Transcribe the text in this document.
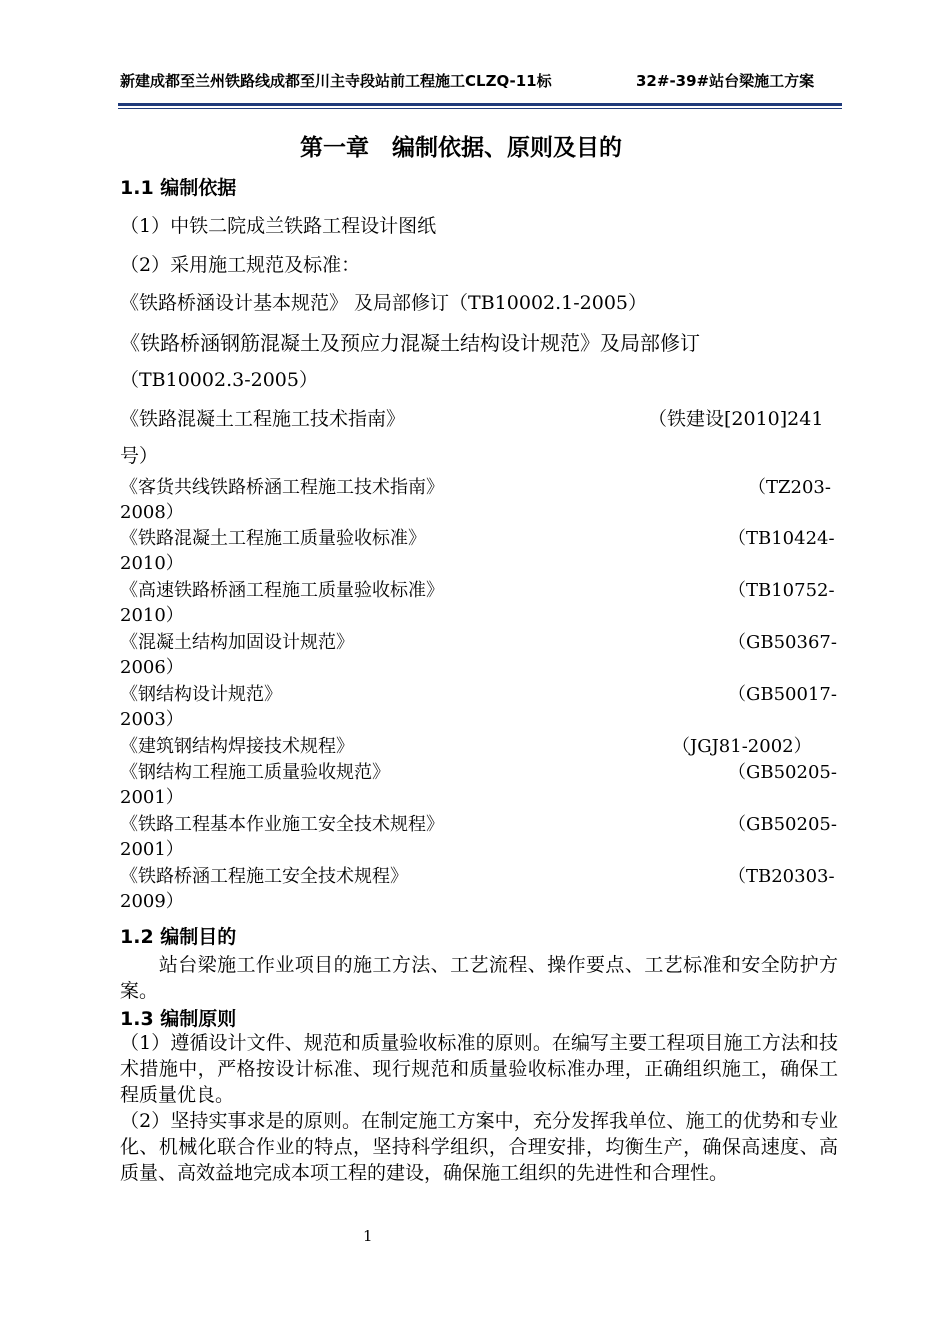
新建成都至兰州铁路线成都至川主寺段站前工程施工CLZQ-11标	32#-39#站台梁施工方案
第一章　编制依据、原则及目的
1.1 编制依据
（1）中铁二院成兰铁路工程设计图纸
（2）采用施工规范及标准：
《铁路桥涵设计基本规范》 及局部修订（TB10002.1-2005）
《铁路桥涵钢筋混凝土及预应力混凝土结构设计规范》及局部修订
（TB10002.3-2005）
《铁路混凝土工程施工技术指南》	（铁建设[2010]241
号）
《客货共线铁路桥涵工程施工技术指南》	（TZ203-
2008）
《铁路混凝土工程施工质量验收标准》	（TB10424-
2010）
《高速铁路桥涵工程施工质量验收标准》	（TB10752-
2010）
《混凝土结构加固设计规范》	（GB50367-
2006）
《钢结构设计规范》	（GB50017-
2003）
《建筑钢结构焊接技术规程》	（JGJ81-2002）
《钢结构工程施工质量验收规范》	（GB50205-
2001）
《铁路工程基本作业施工安全技术规程》	（GB50205-
2001）
《铁路桥涵工程施工安全技术规程》	（TB20303-
2009）
1.2 编制目的
　　站台梁施工作业项目的施工方法、工艺流程、操作要点、工艺标准和安全防护方案。
1.3 编制原则
（1）遵循设计文件、规范和质量验收标准的原则。在编写主要工程项目施工方法和技术措施中，严格按设计标准、现行规范和质量验收标准办理，正确组织施工，确保工程质量优良。
（2）坚持实事求是的原则。在制定施工方案中，充分发挥我单位、施工的优势和专业化、机械化联合作业的特点，坚持科学组织，合理安排，均衡生产，确保高速度、高质量、高效益地完成本项工程的建设，确保施工组织的先进性和合理性。
1
